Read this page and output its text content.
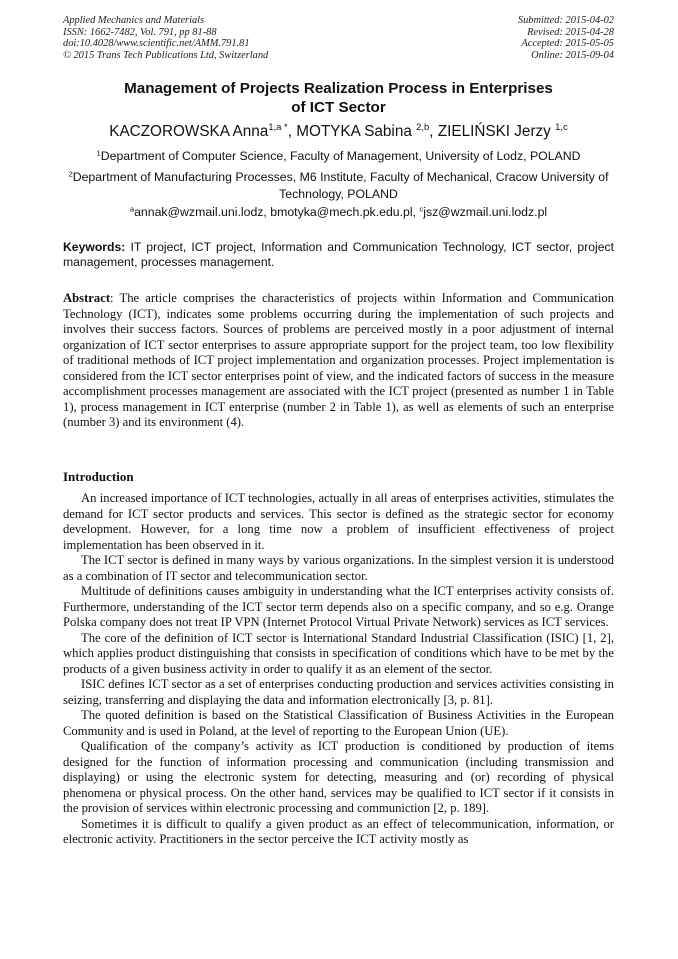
Applied Mechanics and Materials
ISSN: 1662-7482, Vol. 791, pp 81-88
doi:10.4028/www.scientific.net/AMM.791.81
© 2015 Trans Tech Publications Ltd, Switzerland
Submitted: 2015-04-02
Revised: 2015-04-28
Accepted: 2015-05-05
Online: 2015-09-04
Management of Projects Realization Process in Enterprises
of ICT Sector
KACZOROWSKA Anna$^{1,a *}$, MOTYKA Sabina $^{2,b}$, ZIELIŃSKI Jerzy $^{1,c}$
$^1$Department of Computer Science, Faculty of Management, University of Lodz, POLAND
$^2$Department of Manufacturing Processes, M6 Institute, Faculty of Mechanical, Cracow University of Technology, POLAND
$^a$annak@wzmail.uni.lodz, bmotyka@mech.pk.edu.pl, $^c$jsz@wzmail.uni.lodz.pl
Keywords: IT project, ICT project, Information and Communication Technology, ICT sector, project management, processes management.

Abstract: The article comprises the characteristics of projects within Information and Communication Technology (ICT), indicates some problems occurring during the implementation of such projects and involves their success factors. Sources of problems are perceived mostly in a poor adjustment of internal organization of ICT sector enterprises to assure appropriate support for the project team, too low flexibility of traditional methods of ICT project implementation and organization processes. Project implementation is considered from the ICT sector enterprises point of view, and the indicated factors of success in the measure accomplishment processes management are associated with the ICT project (presented as number 1 in Table 1), process management in ICT enterprise (number 2 in Table 1), as well as elements of such an enterprise (number 3) and its environment (4).

Introduction

An increased importance of ICT technologies, actually in all areas of enterprises activities, stimulates the demand for ICT sector products and services. This sector is defined as the strategic sector for economy development. However, for a long time now a problem of insufficient effectiveness of project implementation has been observed in it.

The ICT sector is defined in many ways by various organizations. In the simplest version it is understood as a combination of IT sector and telecommunication sector.

Multitude of definitions causes ambiguity in understanding what the ICT enterprises activity consists of. Furthermore, understanding of the ICT sector term depends also on a specific company, and so e.g. Orange Polska company does not treat IP VPN (Internet Protocol Virtual Private Network) services as ICT services.

The core of the definition of ICT sector is International Standard Industrial Classification (ISIC) [1, 2], which applies product distinguishing that consists in specification of conditions which have to be met by the products of a given business activity in order to qualify it as an element of the sector.

ISIC defines ICT sector as a set of enterprises conducting production and services activities consisting in seizing, transferring and displaying the data and information electronically [3, p. 81].

The quoted definition is based on the Statistical Classification of Business Activities in the European Community and is used in Poland, at the level of reporting to the European Union (UE).

Qualification of the company’s activity as ICT production is conditioned by production of items designed for the function of information processing and communication (including transmission and displaying) or using the electronic system for detecting, measuring and (or) recording of physical phenomena or physical process. On the other hand, services may be qualified to ICT sector if it consists in the provision of services within electronic processing and communiction [2, p. 189].

Sometimes it is difficult to qualify a given product as an effect of telecommunication, information, or electronic activity. Practitioners in the sector perceive the ICT activity mostly as
